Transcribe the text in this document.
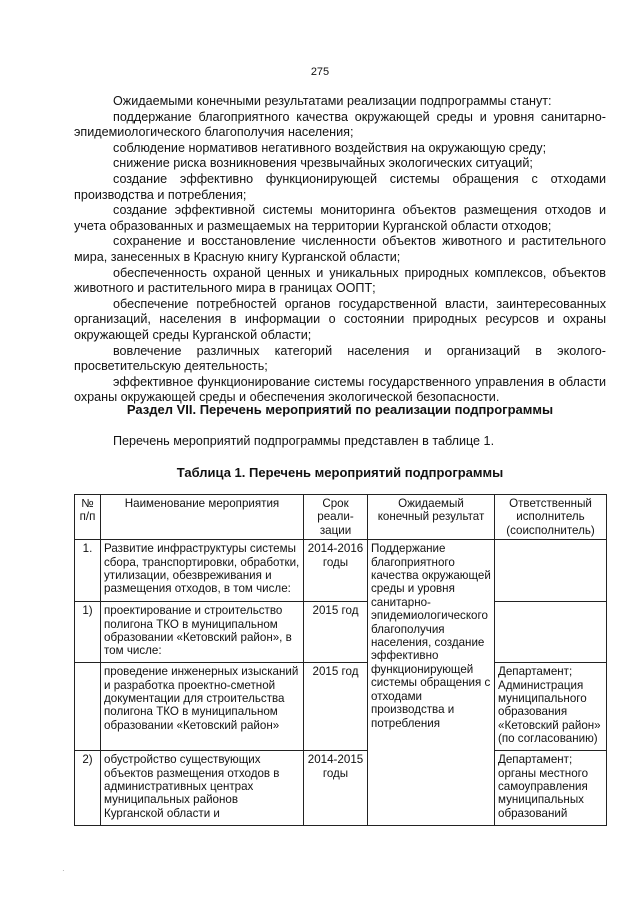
275

Ожидаемыми конечными результатами реализации подпрограммы станут:

поддержание благоприятного качества окружающей среды и уровня санитарно-эпидемиологического благополучия населения;

соблюдение нормативов негативного воздействия на окружающую среду;

снижение риска возникновения чрезвычайных экологических ситуаций;

создание эффективно функционирующей системы обращения с отходами производства и потребления;

создание эффективной системы мониторинга объектов размещения отходов и учета образованных и размещаемых на территории Курганской области отходов;

сохранение и восстановление численности объектов животного и растительного мира, занесенных в Красную книгу Курганской области;

обеспеченность охраной ценных и уникальных природных комплексов, объектов животного и растительного мира в границах ООПТ;

обеспечение потребностей органов государственной власти, заинтересованных организаций, населения в информации о состоянии природных ресурсов и охраны окружающей среды Курганской области;

вовлечение различных категорий населения и организаций в эколого-просветительскую деятельность;

эффективное функционирование системы государственного управления в области охраны окружающей среды и обеспечения экологической безопасности.

Раздел VII. Перечень мероприятий по реализации подпрограммы
Перечень мероприятий подпрограммы представлен в таблице 1.
Таблица 1. Перечень мероприятий подпрограммы
№ п/п	Наименование мероприятия	Срок реали-зации	Ожидаемый конечный результат	Ответственный исполнитель (соисполнитель)
1.	Развитие инфраструктуры системы сбора, транспортировки, обработки, утилизации, обезвреживания и размещения отходов, в том числе:	2014-2016 годы	Поддержание благоприятного качества окружающей среды и уровня санитарно-эпидемиологического благополучия населения, создание эффективно функционирующей системы обращения с отходами производства и потребления	
1)	проектирование и строительство полигона ТКО в муниципальном образовании «Кетовский район», в том числе:	2015 год		
	проведение инженерных изысканий и разработка проектно-сметной документации для строительства полигона ТКО в муниципальном образовании «Кетовский район»	2015 год		Департамент; Администрация муниципального образования «Кетовский район» (по согласованию)
2)	обустройство существующих объектов размещения отходов в административных центрах муниципальных районов Курганской области и	2014-2015 годы		Департамент; органы местного самоуправления муниципальных образований
·
